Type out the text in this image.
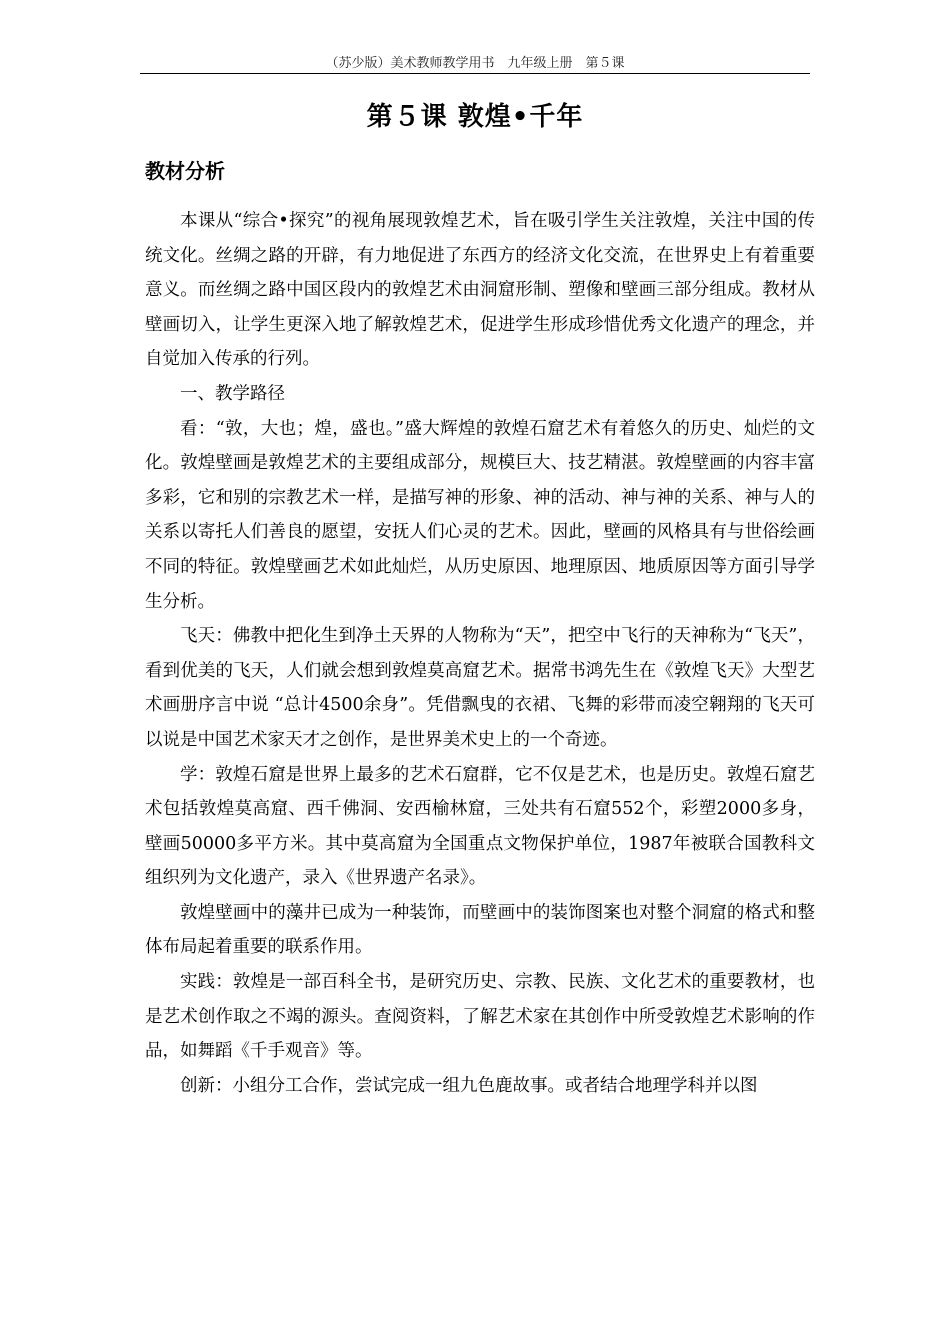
（苏少版）美术教师教学用书　九年级上册　第５课
第５课 敦煌•千年
教材分析

本课从“综合•探究”的视角展现敦煌艺术，旨在吸引学生关注敦煌，关注中国的传统文化。丝绸之路的开辟，有力地促进了东西方的经济文化交流，在世界史上有着重要意义。而丝绸之路中国区段内的敦煌艺术由洞窟形制、塑像和壁画三部分组成。教材从壁画切入，让学生更深入地了解敦煌艺术，促进学生形成珍惜优秀文化遗产的理念，并自觉加入传承的行列。

一、教学路径

看：“敦，大也；煌，盛也。”盛大辉煌的敦煌石窟艺术有着悠久的历史、灿烂的文化。敦煌壁画是敦煌艺术的主要组成部分，规模巨大、技艺精湛。敦煌壁画的内容丰富多彩，它和别的宗教艺术一样，是描写神的形象、神的活动、神与神的关系、神与人的关系以寄托人们善良的愿望，安抚人们心灵的艺术。因此，壁画的风格具有与世俗绘画不同的特征。敦煌壁画艺术如此灿烂，从历史原因、地理原因、地质原因等方面引导学生分析。

飞天：佛教中把化生到净土天界的人物称为“天”，把空中飞行的天神称为“飞天”，看到优美的飞天，人们就会想到敦煌莫高窟艺术。据常书鸿先生在《敦煌飞天》大型艺术画册序言中说 “总计4500余身”。凭借飘曳的衣裙、飞舞的彩带而凌空翱翔的飞天可以说是中国艺术家天才之创作，是世界美术史上的一个奇迹。

学：敦煌石窟是世界上最多的艺术石窟群，它不仅是艺术，也是历史。敦煌石窟艺术包括敦煌莫高窟、西千佛洞、安西榆林窟，三处共有石窟552个，彩塑2000多身，壁画50000多平方米。其中莫高窟为全国重点文物保护单位，1987年被联合国教科文组织列为文化遗产，录入《世界遗产名录》。

敦煌壁画中的藻井已成为一种装饰，而壁画中的装饰图案也对整个洞窟的格式和整体布局起着重要的联系作用。

实践：敦煌是一部百科全书，是研究历史、宗教、民族、文化艺术的重要教材，也是艺术创作取之不竭的源头。查阅资料，了解艺术家在其创作中所受敦煌艺术影响的作品，如舞蹈《千手观音》等。

创新：小组分工合作，尝试完成一组九色鹿故事。或者结合地理学科并以图
